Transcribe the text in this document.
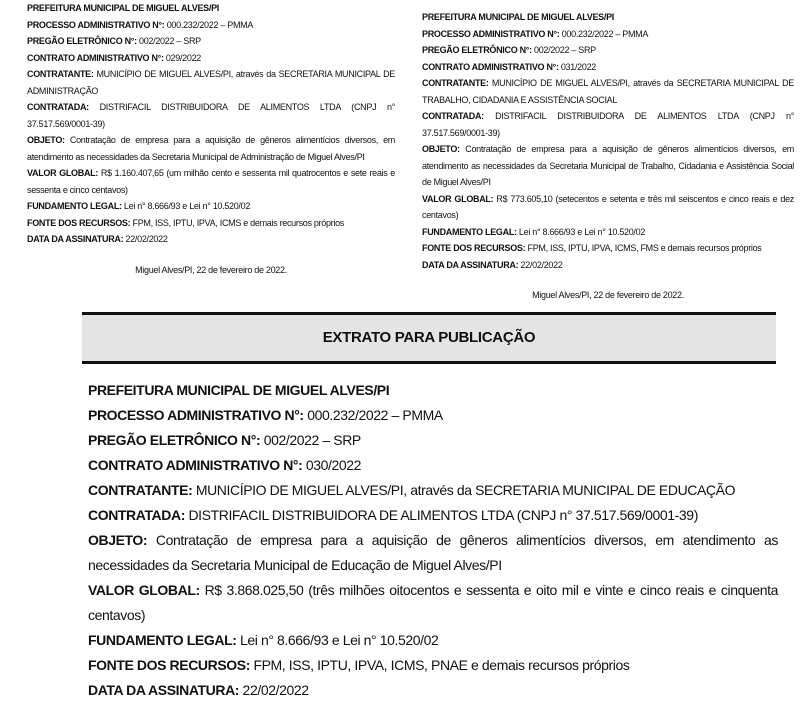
PREFEITURA MUNICIPAL DE MIGUEL ALVES/PI

PROCESSO ADMINISTRATIVO N°: 000.232/2022 – PMMA

PREGÃO ELETRÔNICO N°: 002/2022 – SRP

CONTRATO ADMINISTRATIVO N°: 029/2022

CONTRATANTE: MUNICÍPIO DE MIGUEL ALVES/PI, através da SECRETARIA MUNICIPAL DE ADMINISTRAÇÃO

CONTRATADA: DISTRIFACIL DISTRIBUIDORA DE ALIMENTOS LTDA (CNPJ n° 37.517.569/0001-39)

OBJETO: Contratação de empresa para a aquisição de gêneros alimentícios diversos, em atendimento as necessidades da Secretaria Municipal de Administração de Miguel Alves/PI

VALOR GLOBAL: R$ 1.160.407,65 (um milhão cento e sessenta mil quatrocentos e sete reais e sessenta e cinco centavos)

FUNDAMENTO LEGAL: Lei n° 8.666/93 e Lei n° 10.520/02

FONTE DOS RECURSOS: FPM, ISS, IPTU, IPVA, ICMS e demais recursos próprios

DATA DA ASSINATURA: 22/02/2022

Miguel Alves/PI, 22 de fevereiro de 2022.

PREFEITURA MUNICIPAL DE MIGUEL ALVES/PI

PROCESSO ADMINISTRATIVO N°: 000.232/2022 – PMMA

PREGÃO ELETRÔNICO N°: 002/2022 – SRP

CONTRATO ADMINISTRATIVO N°: 031/2022

CONTRATANTE: MUNICÍPIO DE MIGUEL ALVES/PI, através da SECRETARIA MUNICIPAL DE TRABALHO, CIDADANIA E ASSISTÊNCIA SOCIAL

CONTRATADA: DISTRIFACIL DISTRIBUIDORA DE ALIMENTOS LTDA (CNPJ n° 37.517.569/0001-39)

OBJETO: Contratação de empresa para a aquisição de gêneros alimentícios diversos, em atendimento as necessidades da Secretaria Municipal de Trabalho, Cidadania e Assistência Social de Miguel Alves/PI

VALOR GLOBAL: R$ 773.605,10 (setecentos e setenta e três mil seiscentos e cinco reais e dez centavos)

FUNDAMENTO LEGAL: Lei n° 8.666/93 e Lei n° 10.520/02

FONTE DOS RECURSOS: FPM, ISS, IPTU, IPVA, ICMS, FMS e demais recursos próprios

DATA DA ASSINATURA: 22/02/2022

Miguel Alves/PI, 22 de fevereiro de 2022.

EXTRATO PARA PUBLICAÇÃO

PREFEITURA MUNICIPAL DE MIGUEL ALVES/PI

PROCESSO ADMINISTRATIVO N°: 000.232/2022 – PMMA

PREGÃO ELETRÔNICO N°: 002/2022 – SRP

CONTRATO ADMINISTRATIVO N°: 030/2022

CONTRATANTE: MUNICÍPIO DE MIGUEL ALVES/PI, através da SECRETARIA MUNICIPAL DE EDUCAÇÃO

CONTRATADA: DISTRIFACIL DISTRIBUIDORA DE ALIMENTOS LTDA (CNPJ n° 37.517.569/0001-39)

OBJETO: Contratação de empresa para a aquisição de gêneros alimentícios diversos, em atendimento as necessidades da Secretaria Municipal de Educação de Miguel Alves/PI

VALOR GLOBAL: R$ 3.868.025,50 (três milhões oitocentos e sessenta e oito mil e vinte e cinco reais e cinquenta centavos)

FUNDAMENTO LEGAL: Lei n° 8.666/93 e Lei n° 10.520/02

FONTE DOS RECURSOS: FPM, ISS, IPTU, IPVA, ICMS, PNAE e demais recursos próprios

DATA DA ASSINATURA: 22/02/2022
